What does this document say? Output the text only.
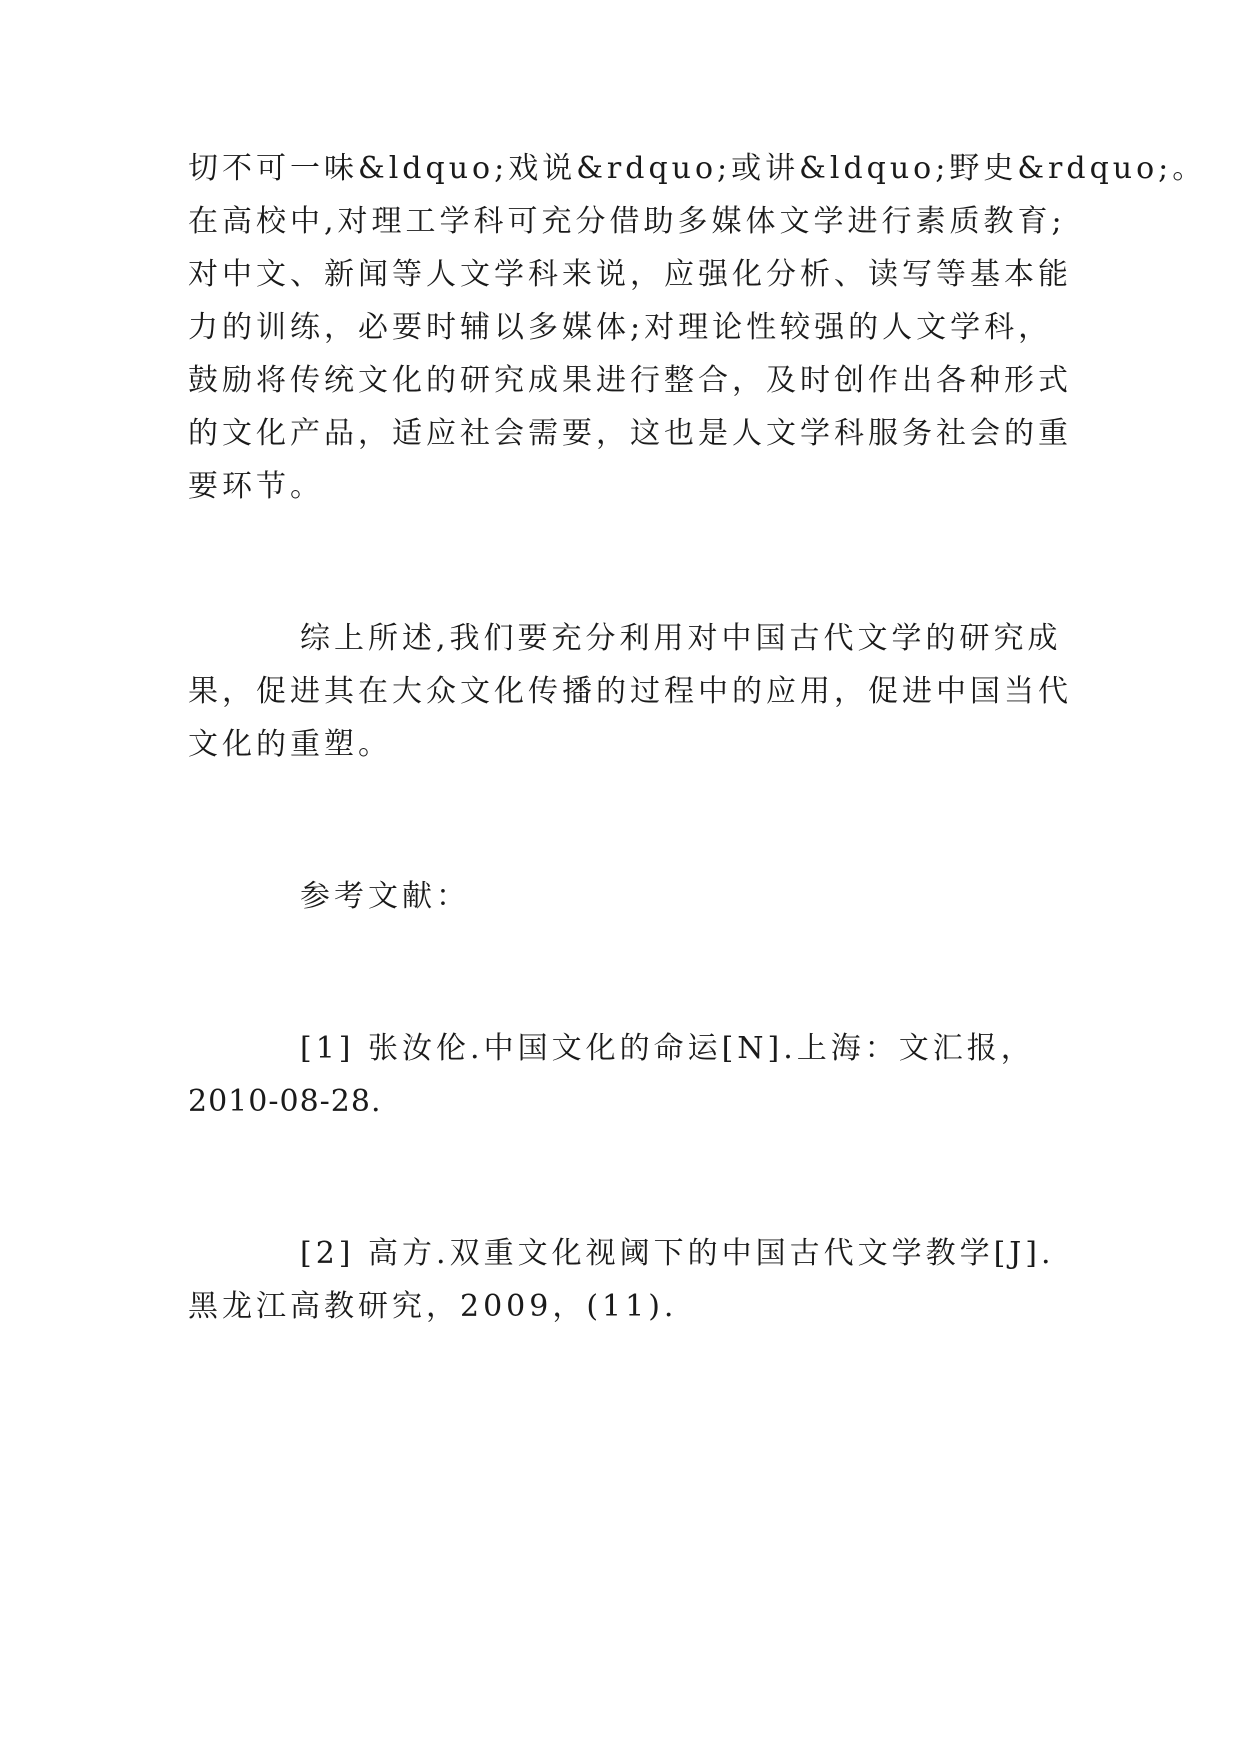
切不可一味&ldquo;戏说&rdquo;或讲&ldquo;野史&rdquo;。
在高校中,对理工学科可充分借助多媒体文学进行素质教育;
对中文、新闻等人文学科来说，应强化分析、读写等基本能
力的训练，必要时辅以多媒体;对理论性较强的人文学科，
鼓励将传统文化的研究成果进行整合，及时创作出各种形式
的文化产品，适应社会需要，这也是人文学科服务社会的重
要环节。
综上所述,我们要充分利用对中国古代文学的研究成
果，促进其在大众文化传播的过程中的应用，促进中国当代
文化的重塑。
参考文献：
[1] 张汝伦.中国文化的命运[N].上海：文汇报，
2010-08-28.
[2] 高方.双重文化视阈下的中国古代文学教学[J].
黑龙江高教研究，2009，(11).
